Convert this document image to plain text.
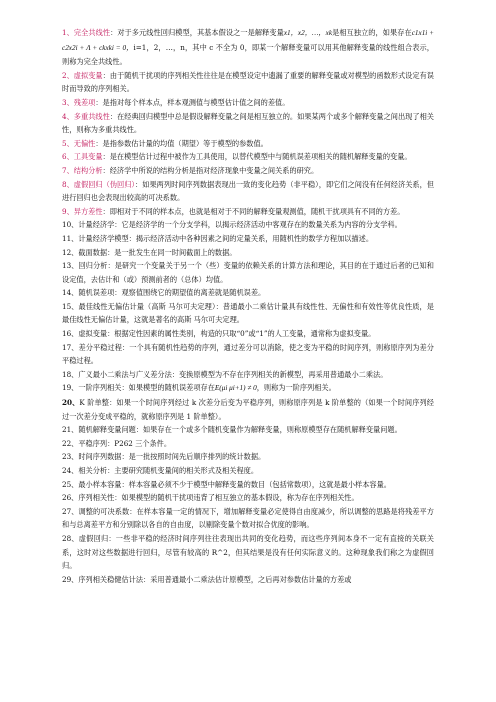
1、完全共线性：对于多元线性回归模型，其基本假设之一是解释变量x1，x2，…，xk是相互独立的，如果存在c1x1i + c2x2i + Λ + ckxki = 0，i=1，2，…，n，其中 c 不全为 0，即某一个解释变量可以用其他解释变量的线性组合表示，则称为完全共线性。

2、虚拟变量：由于随机干扰项的序列相关性往往是在模型设定中遗漏了重要的解释变量或对模型的函数形式设定有误时而导致的序列相关。

3、残差项：是指对每个样本点，样本观测值与模型估计值之间的差值。

4、多重共线性：在经典回归模型中总是假设解释变量之间是相互独立的。如果某两个或多个解释变量之间出现了相关性，则称为多重共线性。

5、无偏性：是指参数估计量的均值（期望）等于模型的参数值。

6、工具变量：是在模型估计过程中被作为工具使用，以替代模型中与随机误差项相关的随机解释变量的变量。

7、结构分析：经济学中所说的结构分析是指对经济现象中变量之间关系的研究。

8、虚假回归（伪回归）：如果两列时间序列数据表现出一致的变化趋势（非平稳），即它们之间没有任何经济关系，但进行回归也会表现出较高的可决系数。

9、异方差性：即相对于不同的样本点，也就是相对于不同的解释变量观测值，随机干扰项具有不同的方差。

10、计量经济学：它是经济学的一个分支学科，以揭示经济活动中客观存在的数量关系为内容的分支学科。

11、计量经济学模型：揭示经济活动中各种因素之间的定量关系，用随机性的数学方程加以描述。

12、截面数据：是一批发生在同一时间截面上的数据。

13、回归分析：是研究一个变量关于另一个（些）变量的依赖关系的计算方法和理论，其目的在于通过后者的已知和设定值，去估计和（或）预测前者的（总体）均值。

14、随机误差项：观察值围绕它的期望值的离差就是随机误差。

15、最佳线性无偏估计量（高斯 马尔可夫定理）：普通最小二乘估计量具有线性性、无偏性和有效性等优良性质，是最佳线性无偏估计量，这就是著名的高斯 马尔可夫定理。

16、虚拟变量：根据定性因素的属性类别，构造的只取“0”或“1”的人工变量，通常称为虚拟变量。

17、差分平稳过程：一个具有随机性趋势的序列，通过差分可以消除，使之变为平稳的时间序列，则称原序列为差分平稳过程。

18、广义最小二乘法与广义差分法：变换原模型为不存在序列相关的新模型，再采用普通最小二乘法。

19、一阶序列相关：如果模型的随机误差项存在E(μi μi+1) ≠ 0，则称为一阶序列相关。

20、K 阶单整：如果一个时间序列经过 k 次差分后变为平稳序列，则称原序列是 k 阶单整的（如果一个时间序列经过一次差分变成平稳的，就称原序列是 1 阶单整）。

21、随机解释变量问题：如果存在一个或多个随机变量作为解释变量，则称原模型存在随机解释变量问题。

22、平稳序列：P262 三个条件。

23、时间序列数据：是一批按照时间先后顺序排列的统计数据。

24、相关分析：主要研究随机变量间的相关形式及相关程度。

25、最小样本容量：样本容量必须不少于模型中解释变量的数目（包括常数项），这就是最小样本容量。

26、序列相关性：如果模型的随机干扰项违背了相互独立的基本假设，称为存在序列相关性。

27、调整的可决系数：在样本容量一定的情况下，增加解释变量必定使得自由度减少，所以调整的思路是将残差平方和与总离差平方和分别除以各自的自由度，以剔除变量个数对拟合优度的影响。

28、虚假回归：一些非平稳的经济时间序列往往表现出共同的变化趋势，而这些序列间本身不一定有直接的关联关系，这时对这些数据进行回归，尽管有较高的 R^2，但其结果是没有任何实际意义的。这种现象我们称之为虚假回归。

29、序列相关稳健估计法：采用普通最小二乘法估计原模型，之后再对参数估计量的方差或
